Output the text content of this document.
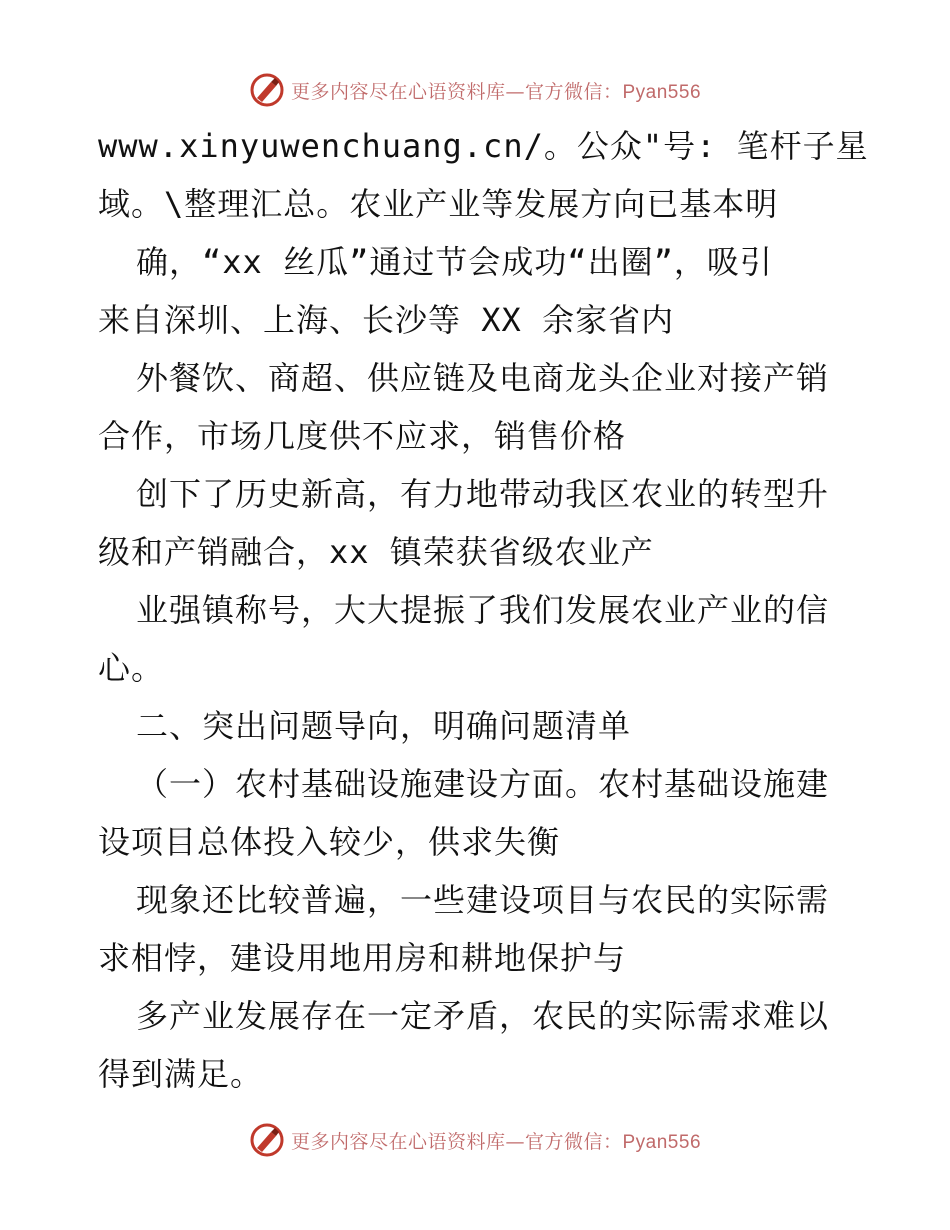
更多内容尽在心语资料库—官方微信：Pyan556
www.xinyuwenchuang.cn/。公众"号: 笔杆子星
域。\整理汇总。农业产业等发展方向已基本明
确，“xx 丝瓜”通过节会成功“出圈”，吸引
来自深圳、上海、长沙等 XX 余家省内
外餐饮、商超、供应链及电商龙头企业对接产销
合作，市场几度供不应求，销售价格
创下了历史新高，有力地带动我区农业的转型升
级和产销融合，xx 镇荣获省级农业产
业强镇称号，大大提振了我们发展农业产业的信
心。
二、突出问题导向，明确问题清单
（一）农村基础设施建设方面。农村基础设施建
设项目总体投入较少，供求失衡
现象还比较普遍，一些建设项目与农民的实际需
求相悖，建设用地用房和耕地保护与
多产业发展存在一定矛盾，农民的实际需求难以
得到满足。
更多内容尽在心语资料库—官方微信：Pyan556
